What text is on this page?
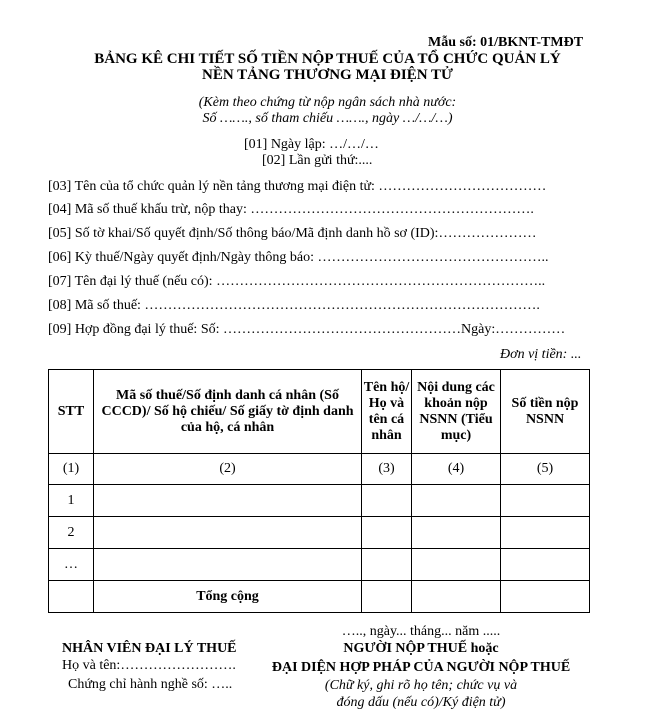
Mẫu số: 01/BKNT-TMĐT
BẢNG KÊ CHI TIẾT SỐ TIỀN NỘP THUẾ CỦA TỔ CHỨC QUẢN LÝ
NỀN TẢNG THƯƠNG MẠI ĐIỆN TỬ
(Kèm theo chứng từ nộp ngân sách nhà nước:
Số ……., số tham chiếu ……., ngày …/…/…)
[01] Ngày lập: …/…/…
[02] Lần gửi thứ:....
[03] Tên của tổ chức quản lý nền tảng thương mại điện tử: ………………………………
[04] Mã số thuế khấu trừ, nộp thay: …………………………………………………….
[05] Số tờ khai/Số quyết định/Số thông báo/Mã định danh hồ sơ (ID):…………………
[06] Kỳ thuế/Ngày quyết định/Ngày thông báo: …………………………………………..
[07] Tên đại lý thuế (nếu có): ……………………………………………………………..
[08] Mã số thuế: ………………………………………………………………………….
[09] Hợp đồng đại lý thuế: Số: ……………………………………………Ngày:……………
Đơn vị tiền: ...
STT	Mã số thuế/Số định danh cá nhân (Số CCCD)/ Số hộ chiếu/ Số giấy tờ định danh của hộ, cá nhân	Tên hộ/ Họ và tên cá nhân	Nội dung các khoản nộp NSNN (Tiểu mục)	Số tiền nộp NSNN
(1)	(2)	(3)	(4)	(5)
1				
2				
…				
	Tổng cộng			
NHÂN VIÊN ĐẠI LÝ THUẾ
Họ và tên:…………………….
Chứng chỉ hành nghề số: …..
….., ngày... tháng... năm .....
NGƯỜI NỘP THUẾ hoặc
ĐẠI DIỆN HỢP PHÁP CỦA NGƯỜI NỘP THUẾ
(Chữ ký, ghi rõ họ tên; chức vụ và
đóng dấu (nếu có)/Ký điện tử)
